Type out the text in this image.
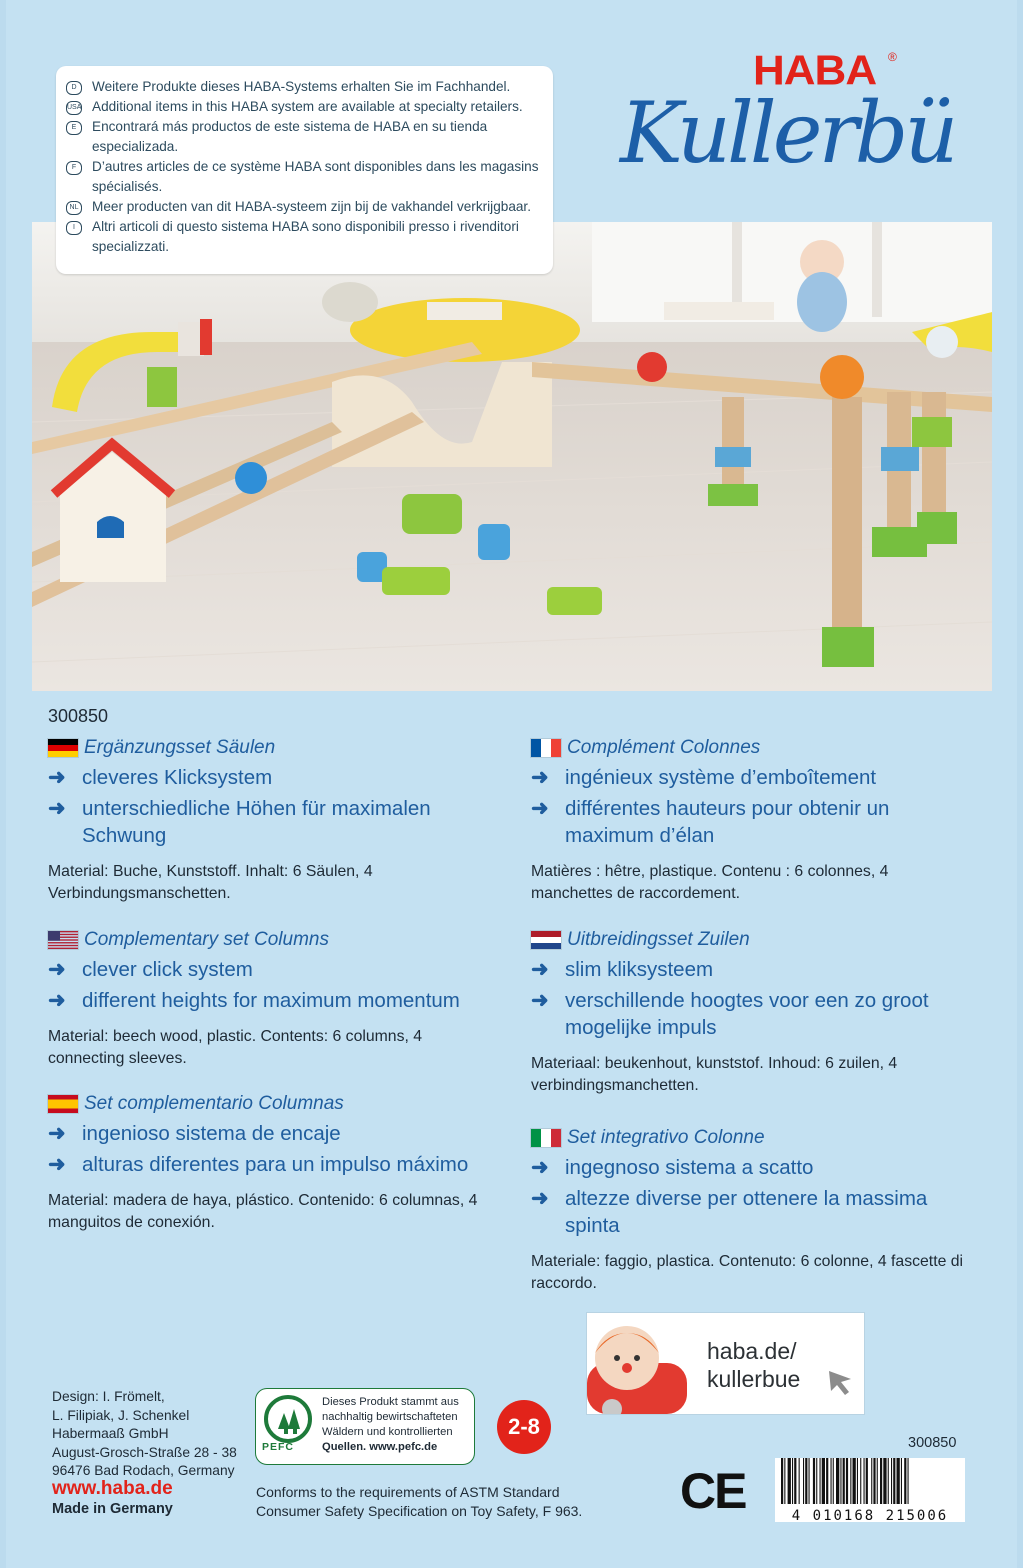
D	Weitere Produkte dieses HABA-Systems erhalten Sie im Fachhandel.
USA Additional items in this HABA system are available at specialty retailers.
E	Encontrará más productos de este sistema de HABA en su tienda especializada.
F	D’autres articles de ce système HABA sont disponibles dans les magasins spécialisés.
NL Meer producten van dit HABA-systeem zijn bij de vakhandel verkrijgbaar.
I	Altri articoli di questo sistema HABA sono disponibili presso i rivenditori specializzati.
HABA ®
Kullerbü
300850
Ergänzungsset Säulen
➜ cleveres Klicksystem
➜ unterschiedliche Höhen für maximalen Schwung
Material: Buche, Kunststoff. Inhalt: 6 Säulen, 4 Verbindungsmanschetten.
Complementary set Columns
➜ clever click system
➜ different heights for maximum momentum
Material: beech wood, plastic. Contents: 6 columns, 4 connecting sleeves.
Set complementario Columnas
➜ ingenioso sistema de encaje
➜ alturas diferentes para un impulso máximo
Material: madera de haya, plástico. Contenido: 6 columnas, 4 manguitos de conexión.
Complément Colonnes
➜ ingénieux système d’emboîtement
➜ différentes hauteurs pour obtenir un maximum d’élan
Matières : hêtre, plastique. Contenu : 6 colonnes, 4 manchettes de raccordement.
Uitbreidingsset Zuilen
➜ slim kliksysteem
➜ verschillende hoogtes voor een zo groot mogelijke impuls
Materiaal: beukenhout, kunststof. Inhoud: 6 zuilen, 4 verbindingsmanchetten.
Set integrativo Colonne
➜ ingegnoso sistema a scatto
➜ altezze diverse per ottenere la massima spinta
Materiale: faggio, plastica. Contenuto: 6 colonne, 4 fascette di raccordo.
Design: I. Frömelt,
L. Filipiak, J. Schenkel
Habermaaß GmbH
August-Grosch-Straße 28 - 38
96476 Bad Rodach, Germany
www.haba.de
Made in Germany
PEFC
Dieses Produkt stammt aus
nachhaltig bewirtschafteten
Wäldern und kontrollierten
Quellen. www.pefc.de
2-8
Conforms to the requirements of ASTM Standard
Consumer Safety Specification on Toy Safety, F 963.
haba.de/
kullerbue
300850
CE	4 010168 215006
